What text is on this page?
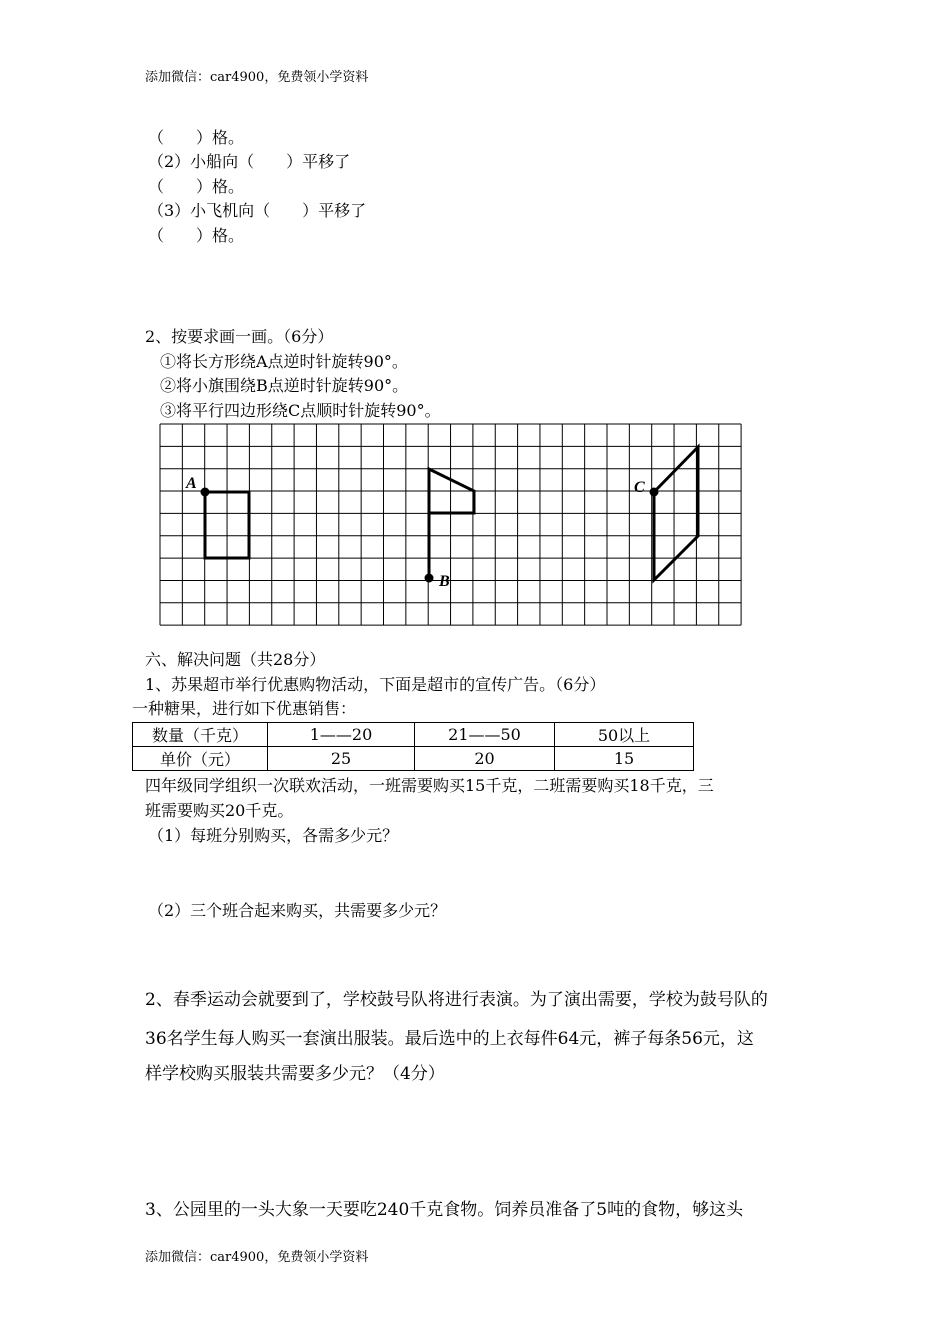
添加微信：car4900，免费领小学资料
（　　）格。
（2）小船向（　　）平移了
（　　）格。
（3）小飞机向（　　）平移了
（　　）格。
2、按要求画一画。（6分）
①将长方形绕A点逆时针旋转90°。
②将小旗围绕B点逆时针旋转90°。
③将平行四边形绕C点顺时针旋转90°。
A
B
C
六、解决问题（共28分）
1、苏果超市举行优惠购物活动，下面是超市的宣传广告。（6分）
一种糖果，进行如下优惠销售：
数量（千克）	1——20	21——50	50以上
单价（元）	25	20	15
四年级同学组织一次联欢活动，一班需要购买15千克，二班需要购买18千克，三
班需要购买20千克。
（1）每班分别购买，各需多少元？
（2）三个班合起来购买，共需要多少元？
2、春季运动会就要到了，学校鼓号队将进行表演。为了演出需要，学校为鼓号队的
36名学生每人购买一套演出服装。最后选中的上衣每件64元，裤子每条56元，这
样学校购买服装共需要多少元？（4分）
3、公园里的一头大象一天要吃240千克食物。饲养员准备了5吨的食物，够这头
添加微信：car4900，免费领小学资料
